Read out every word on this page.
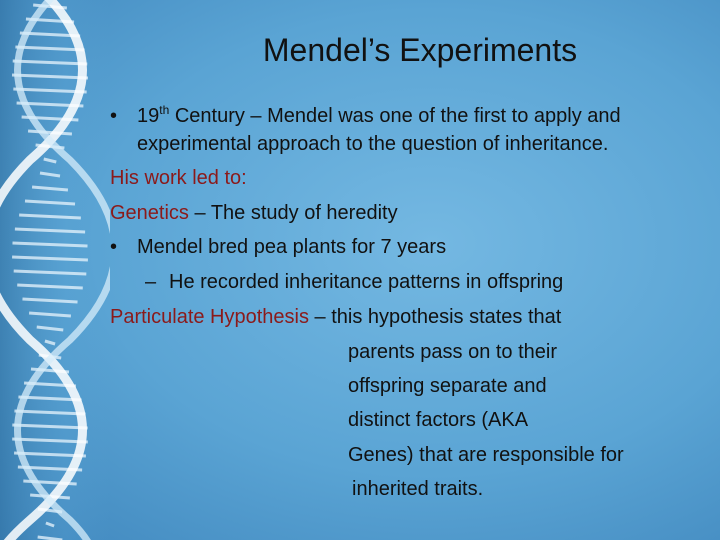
Mendel’s Experiments
• 19th Century – Mendel was one of the first to apply and
experimental approach to the question of inheritance.
His work led to:
Genetics – The study of heredity
• Mendel bred pea plants for 7 years
– He recorded inheritance patterns in offspring
Particulate Hypothesis – this hypothesis states that
parents pass on to their
offspring separate and
distinct factors (AKA
Genes) that are responsible for
inherited traits.
